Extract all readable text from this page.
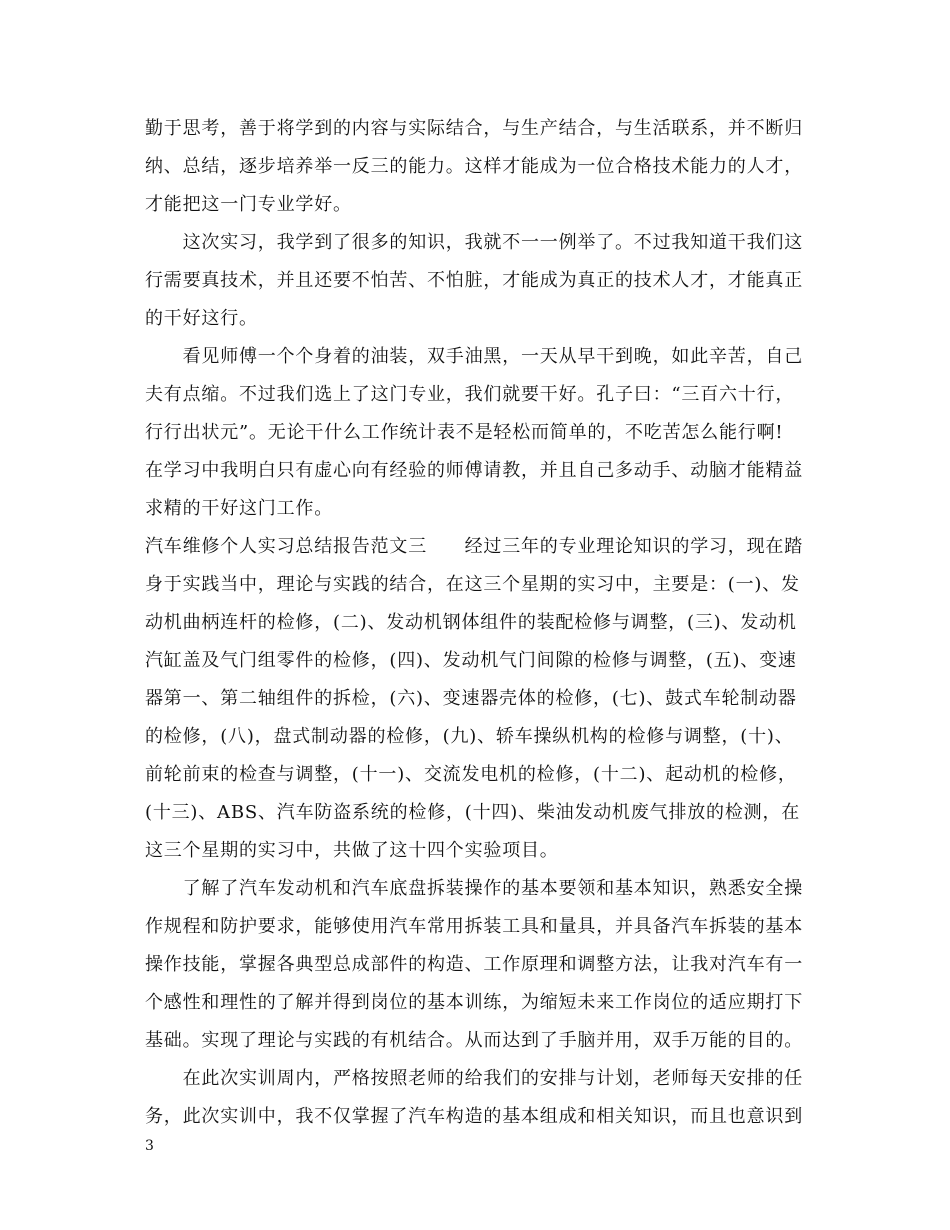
勤于思考，善于将学到的内容与实际结合，与生产结合，与生活联系，并不断归
纳、总结，逐步培养举一反三的能力。这样才能成为一位合格技术能力的人才，
才能把这一门专业学好。
　　这次实习，我学到了很多的知识，我就不一一例举了。不过我知道干我们这
行需要真技术，并且还要不怕苦、不怕脏，才能成为真正的技术人才，才能真正
的干好这行。
　　看见师傅一个个身着的油装，双手油黑，一天从早干到晚，如此辛苦，自己
夫有点缩。不过我们选上了这门专业，我们就要干好。孔子曰：“三百六十行，
行行出状元”。无论干什么工作统计表不是轻松而简单的，不吃苦怎么能行啊!
在学习中我明白只有虚心向有经验的师傅请教，并且自己多动手、动脑才能精益
求精的干好这门工作。
汽车维修个人实习总结报告范文三　　经过三年的专业理论知识的学习，现在踏
身于实践当中，理论与实践的结合，在这三个星期的实习中，主要是：(一)、发
动机曲柄连杆的检修，(二)、发动机钢体组件的装配检修与调整，(三)、发动机
汽缸盖及气门组零件的检修，(四)、发动机气门间隙的检修与调整，(五)、变速
器第一、第二轴组件的拆检，(六)、变速器壳体的检修，(七)、鼓式车轮制动器
的检修，(八)，盘式制动器的检修，(九)、轿车操纵机构的检修与调整，(十)、
前轮前束的检查与调整，(十一)、交流发电机的检修，(十二)、起动机的检修，
(十三)、ABS、汽车防盗系统的检修，(十四)、柴油发动机废气排放的检测，在
这三个星期的实习中，共做了这十四个实验项目。
　　了解了汽车发动机和汽车底盘拆装操作的基本要领和基本知识，熟悉安全操
作规程和防护要求，能够使用汽车常用拆装工具和量具，并具备汽车拆装的基本
操作技能，掌握各典型总成部件的构造、工作原理和调整方法，让我对汽车有一
个感性和理性的了解并得到岗位的基本训练，为缩短未来工作岗位的适应期打下
基础。实现了理论与实践的有机结合。从而达到了手脑并用，双手万能的目的。
　　在此次实训周内，严格按照老师的给我们的安排与计划，老师每天安排的任
务，此次实训中，我不仅掌握了汽车构造的基本组成和相关知识，而且也意识到
3
